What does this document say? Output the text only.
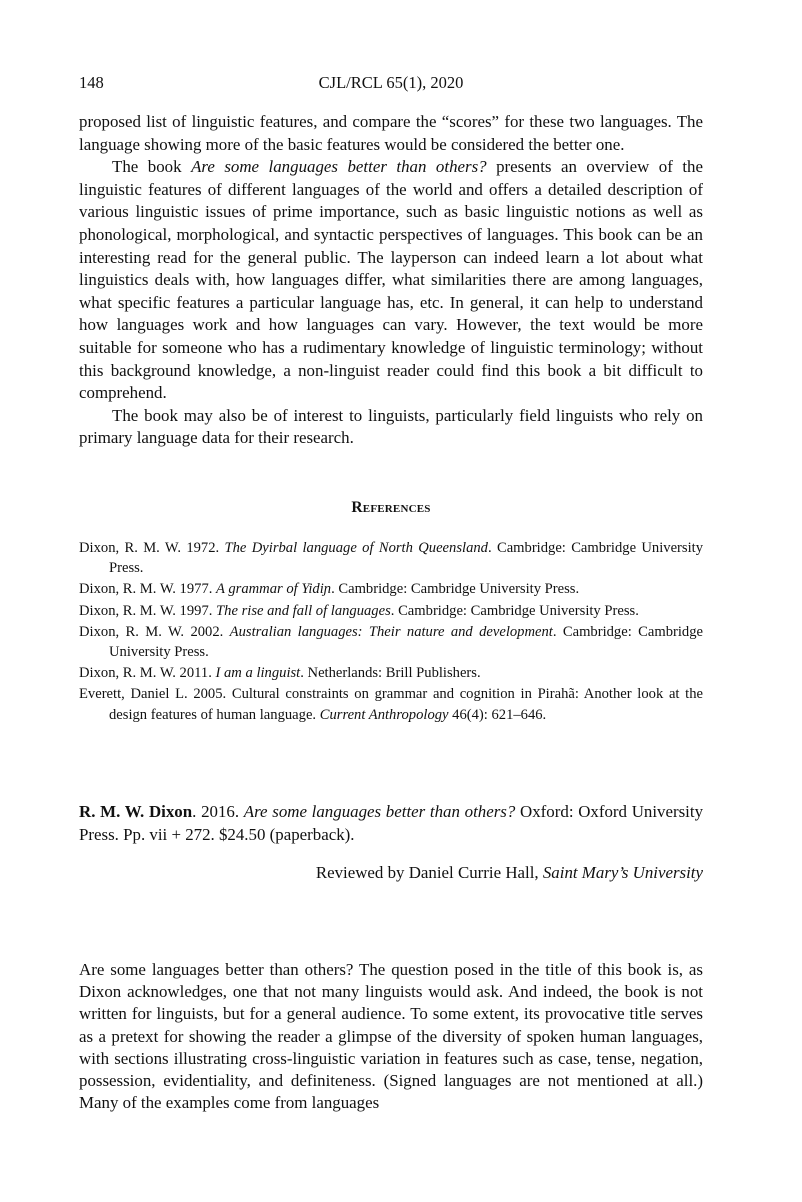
148	CJL/RCL 65(1), 2020

proposed list of linguistic features, and compare the “scores” for these two languages. The language showing more of the basic features would be considered the better one.

The book Are some languages better than others? presents an overview of the linguistic features of different languages of the world and offers a detailed description of various linguistic issues of prime importance, such as basic linguistic notions as well as phonological, morphological, and syntactic perspectives of languages. This book can be an interesting read for the general public. The layperson can indeed learn a lot about what linguistics deals with, how languages differ, what similarities there are among languages, what specific features a particular language has, etc. In general, it can help to understand how languages work and how languages can vary. However, the text would be more suitable for someone who has a rudimentary knowledge of linguistic terminology; without this background knowledge, a non-linguist reader could find this book a bit difficult to comprehend.

The book may also be of interest to linguists, particularly field linguists who rely on primary language data for their research.

References

Dixon, R. M. W. 1972. The Dyirbal language of North Queensland. Cambridge: Cambridge University Press.

Dixon, R. M. W. 1977. A grammar of Yidiɲ. Cambridge: Cambridge University Press.

Dixon, R. M. W. 1997. The rise and fall of languages. Cambridge: Cambridge University Press.

Dixon, R. M. W. 2002. Australian languages: Their nature and development. Cambridge: Cambridge University Press.

Dixon, R. M. W. 2011. I am a linguist. Netherlands: Brill Publishers.

Everett, Daniel L. 2005. Cultural constraints on grammar and cognition in Pirahã: Another look at the design features of human language. Current Anthropology 46(4): 621–646.

R. M. W. Dixon. 2016. Are some languages better than others? Oxford: Oxford University Press. Pp. vii + 272. $24.50 (paperback).

Reviewed by Daniel Currie Hall, Saint Mary’s University

Are some languages better than others? The question posed in the title of this book is, as Dixon acknowledges, one that not many linguists would ask. And indeed, the book is not written for linguists, but for a general audience. To some extent, its provocative title serves as a pretext for showing the reader a glimpse of the diversity of spoken human languages, with sections illustrating cross-linguistic variation in features such as case, tense, negation, possession, evidentiality, and definiteness. (Signed languages are not mentioned at all.) Many of the examples come from languages
